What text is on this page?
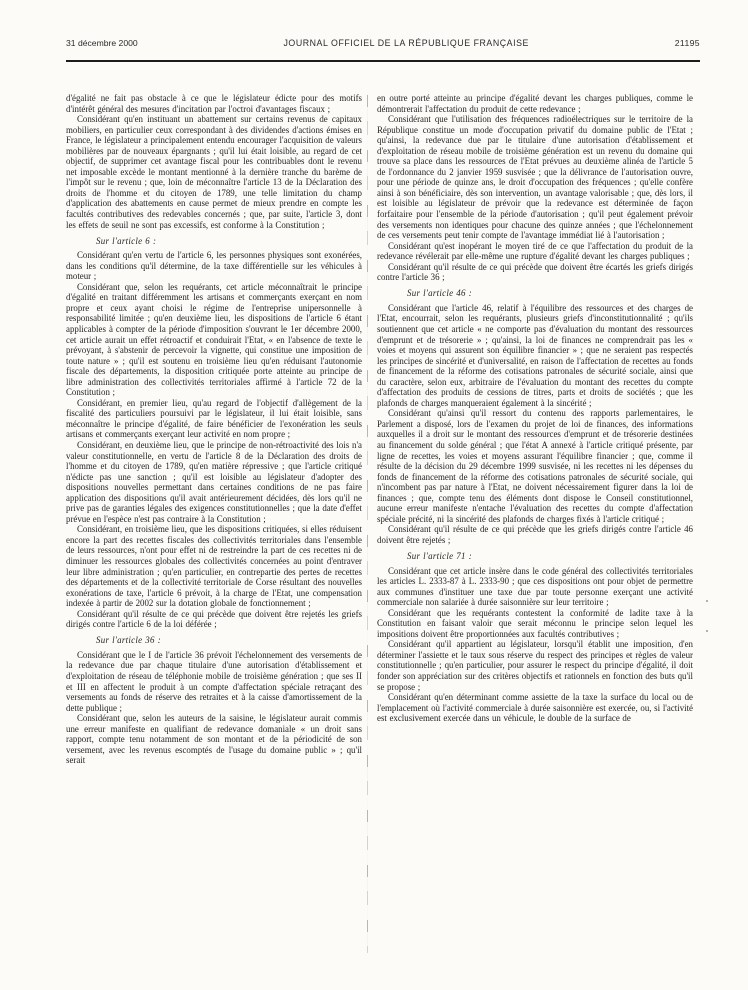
31 décembre 2000	JOURNAL OFFICIEL DE LA RÉPUBLIQUE FRANÇAISE	21195

d'égalité ne fait pas obstacle à ce que le législateur édicte pour des motifs d'intérêt général des mesures d'incitation par l'octroi d'avantages fiscaux ;

Considérant qu'en instituant un abattement sur certains revenus de capitaux mobiliers, en particulier ceux correspondant à des dividendes d'actions émises en France, le législateur a principalement entendu encourager l'acquisition de valeurs mobilières par de nouveaux épargnants ; qu'il lui était loisible, au regard de cet objectif, de supprimer cet avantage fiscal pour les contribuables dont le revenu net imposable excède le montant mentionné à la dernière tranche du barème de l'impôt sur le revenu ; que, loin de méconnaître l'article 13 de la Déclaration des droits de l'homme et du citoyen de 1789, une telle limitation du champ d'application des abattements en cause permet de mieux prendre en compte les facultés contributives des redevables concernés ; que, par suite, l'article 3, dont les effets de seuil ne sont pas excessifs, est conforme à la Constitution ;

Sur l'article 6 :

Considérant qu'en vertu de l'article 6, les personnes physiques sont exonérées, dans les conditions qu'il détermine, de la taxe différentielle sur les véhicules à moteur ;

Considérant que, selon les requérants, cet article méconnaîtrait le principe d'égalité en traitant différemment les artisans et commerçants exerçant en nom propre et ceux ayant choisi le régime de l'entreprise unipersonnelle à responsabilité limitée ; qu'en deuxième lieu, les dispositions de l'article 6 étant applicables à compter de la période d'imposition s'ouvrant le 1er décembre 2000, cet article aurait un effet rétroactif et conduirait l'Etat, « en l'absence de texte le prévoyant, à s'abstenir de percevoir la vignette, qui constitue une imposition de toute nature » ; qu'il est soutenu en troisième lieu qu'en réduisant l'autonomie fiscale des départements, la disposition critiquée porte atteinte au principe de libre administration des collectivités territoriales affirmé à l'article 72 de la Constitution ;

Considérant, en premier lieu, qu'au regard de l'objectif d'allègement de la fiscalité des particuliers poursuivi par le législateur, il lui était loisible, sans méconnaître le principe d'égalité, de faire bénéficier de l'exonération les seuls artisans et commerçants exerçant leur activité en nom propre ;

Considérant, en deuxième lieu, que le principe de non-rétroactivité des lois n'a valeur constitutionnelle, en vertu de l'article 8 de la Déclaration des droits de l'homme et du citoyen de 1789, qu'en matière répressive ; que l'article critiqué n'édicte pas une sanction ; qu'il est loisible au législateur d'adopter des dispositions nouvelles permettant dans certaines conditions de ne pas faire application des dispositions qu'il avait antérieurement décidées, dès lors qu'il ne prive pas de garanties légales des exigences constitutionnelles ; que la date d'effet prévue en l'espèce n'est pas contraire à la Constitution ;

Considérant, en troisième lieu, que les dispositions critiquées, si elles réduisent encore la part des recettes fiscales des collectivités territoriales dans l'ensemble de leurs ressources, n'ont pour effet ni de restreindre la part de ces recettes ni de diminuer les ressources globales des collectivités concernées au point d'entraver leur libre administration ; qu'en particulier, en contrepartie des pertes de recettes des départements et de la collectivité territoriale de Corse résultant des nouvelles exonérations de taxe, l'article 6 prévoit, à la charge de l'Etat, une compensation indexée à partir de 2002 sur la dotation globale de fonctionnement ;

Considérant qu'il résulte de ce qui précède que doivent être rejetés les griefs dirigés contre l'article 6 de la loi déférée ;

Sur l'article 36 :

Considérant que le I de l'article 36 prévoit l'échelonnement des versements de la redevance due par chaque titulaire d'une autorisation d'établissement et d'exploitation de réseau de téléphonie mobile de troisième génération ; que ses II et III en affectent le produit à un compte d'affectation spéciale retraçant des versements au fonds de réserve des retraites et à la caisse d'amortissement de la dette publique ;

Considérant que, selon les auteurs de la saisine, le législateur aurait commis une erreur manifeste en qualifiant de redevance domaniale « un droit sans rapport, compte tenu notamment de son montant et de la périodicité de son versement, avec les revenus escomptés de l'usage du domaine public » ; qu'il serait

en outre porté atteinte au principe d'égalité devant les charges publiques, comme le démontrerait l'affectation du produit de cette redevance ;

Considérant que l'utilisation des fréquences radioélectriques sur le territoire de la République constitue un mode d'occupation privatif du domaine public de l'Etat ; qu'ainsi, la redevance due par le titulaire d'une autorisation d'établissement et d'exploitation de réseau mobile de troisième génération est un revenu du domaine qui trouve sa place dans les ressources de l'Etat prévues au deuxième alinéa de l'article 5 de l'ordonnance du 2 janvier 1959 susvisée ; que la délivrance de l'autorisation ouvre, pour une période de quinze ans, le droit d'occupation des fréquences ; qu'elle confère ainsi à son bénéficiaire, dès son intervention, un avantage valorisable ; que, dès lors, il est loisible au législateur de prévoir que la redevance est déterminée de façon forfaitaire pour l'ensemble de la période d'autorisation ; qu'il peut également prévoir des versements non identiques pour chacune des quinze années ; que l'échelonnement de ces versements peut tenir compte de l'avantage immédiat lié à l'autorisation ;

Considérant qu'est inopérant le moyen tiré de ce que l'affectation du produit de la redevance révélerait par elle-même une rupture d'égalité devant les charges publiques ;

Considérant qu'il résulte de ce qui précède que doivent être écartés les griefs dirigés contre l'article 36 ;

Sur l'article 46 :

Considérant que l'article 46, relatif à l'équilibre des ressources et des charges de l'Etat, encourrait, selon les requérants, plusieurs griefs d'inconstitutionnalité ; qu'ils soutiennent que cet article « ne comporte pas d'évaluation du montant des ressources d'emprunt et de trésorerie » ; qu'ainsi, la loi de finances ne comprendrait pas les « voies et moyens qui assurent son équilibre financier » ; que ne seraient pas respectés les principes de sincérité et d'universalité, en raison de l'affectation de recettes au fonds de financement de la réforme des cotisations patronales de sécurité sociale, ainsi que du caractère, selon eux, arbitraire de l'évaluation du montant des recettes du compte d'affectation des produits de cessions de titres, parts et droits de sociétés ; que les plafonds de charges manqueraient également à la sincérité ;

Considérant qu'ainsi qu'il ressort du contenu des rapports parlementaires, le Parlement a disposé, lors de l'examen du projet de loi de finances, des informations auxquelles il a droit sur le montant des ressources d'emprunt et de trésorerie destinées au financement du solde général ; que l'état A annexé à l'article critiqué présente, par ligne de recettes, les voies et moyens assurant l'équilibre financier ; que, comme il résulte de la décision du 29 décembre 1999 susvisée, ni les recettes ni les dépenses du fonds de financement de la réforme des cotisations patronales de sécurité sociale, qui n'incombent pas par nature à l'Etat, ne doivent nécessairement figurer dans la loi de finances ; que, compte tenu des éléments dont dispose le Conseil constitutionnel, aucune erreur manifeste n'entache l'évaluation des recettes du compte d'affectation spéciale précité, ni la sincérité des plafonds de charges fixés à l'article critiqué ;

Considérant qu'il résulte de ce qui précède que les griefs dirigés contre l'article 46 doivent être rejetés ;

Sur l'article 71 :

Considérant que cet article insère dans le code général des collectivités territoriales les articles L. 2333-87 à L. 2333-90 ; que ces dispositions ont pour objet de permettre aux communes d'instituer une taxe due par toute personne exerçant une activité commerciale non salariée à durée saisonnière sur leur territoire ;

Considérant que les requérants contestent la conformité de ladite taxe à la Constitution en faisant valoir que serait méconnu le principe selon lequel les impositions doivent être proportionnées aux facultés contributives ;

Considérant qu'il appartient au législateur, lorsqu'il établit une imposition, d'en déterminer l'assiette et le taux sous réserve du respect des principes et règles de valeur constitutionnelle ; qu'en particulier, pour assurer le respect du principe d'égalité, il doit fonder son appréciation sur des critères objectifs et rationnels en fonction des buts qu'il se propose ;

Considérant qu'en déterminant comme assiette de la taxe la surface du local ou de l'emplacement où l'activité commerciale à durée saisonnière est exercée, ou, si l'activité est exclusivement exercée dans un véhicule, le double de la surface de
